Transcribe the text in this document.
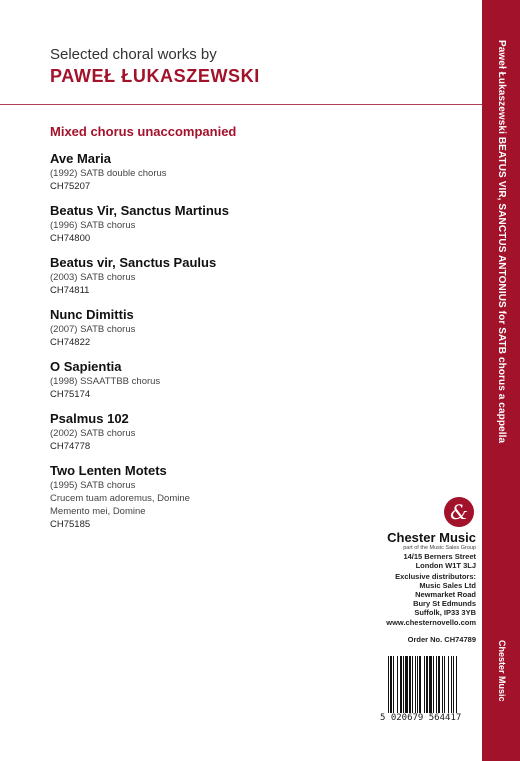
Paweł Łukaszewski BEATUS VIR, SANCTUS ANTONIUS for SATB chorus a cappella
Chester Music
Selected choral works by
PAWEŁ ŁUKASZEWSKI
Mixed chorus unaccompanied
Ave Maria
(1992) SATB double chorus
CH75207
Beatus Vir, Sanctus Martinus
(1996) SATB chorus
CH74800
Beatus vir, Sanctus Paulus
(2003) SATB chorus
CH74811
Nunc Dimittis
(2007) SATB chorus
CH74822
O Sapientia
(1998) SSAATTBB chorus
CH75174
Psalmus 102
(2002) SATB chorus
CH74778
Two Lenten Motets
(1995) SATB chorus
Crucem tuam adoremus, Domine
Memento mei, Domine
CH75185
&
Chester Music
part of the Music Sales Group
14/15 Berners Street
London W1T 3LJ
Exclusive distributors:
Music Sales Ltd
Newmarket Road
Bury St Edmunds
Suffolk, IP33 3YB
www.chesternovello.com
Order No. CH74789
5 020679 564417
